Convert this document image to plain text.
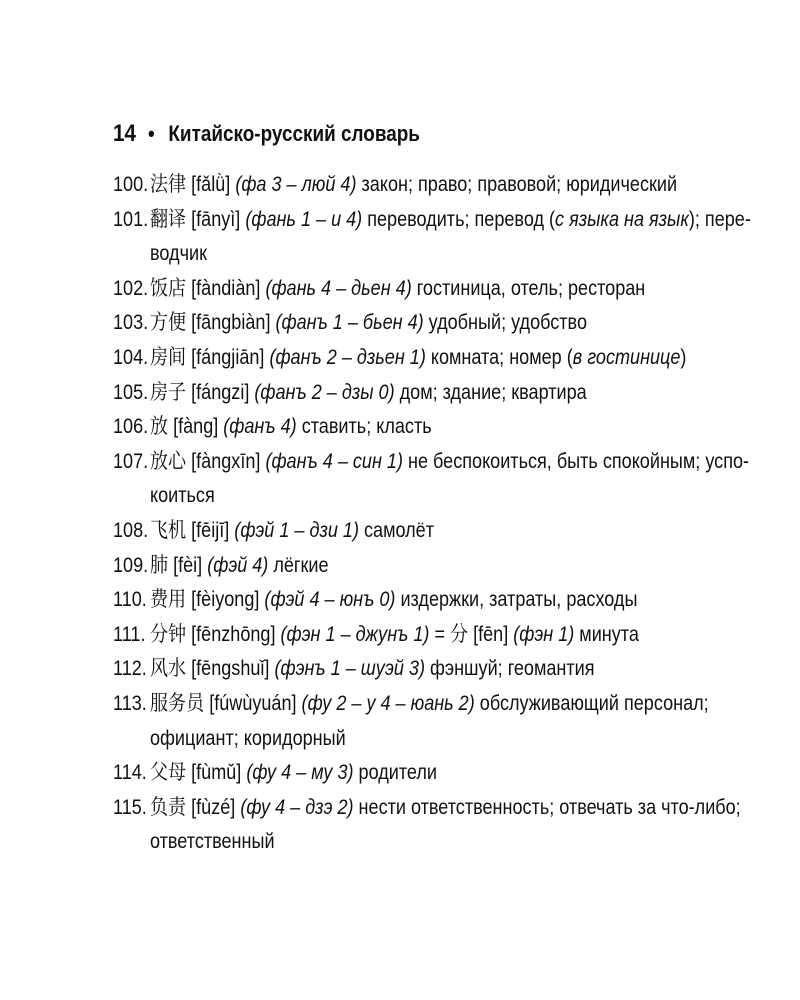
14 • Китайско-русский словарь
100. 法律 [fǎlǜ] (фа 3 – люй 4) закон; право; правовой; юридический
101. 翻译 [fānyì] (фань 1 – и 4) переводить; перевод (с языка на язык); пере-
водчик
102. 饭店 [fàndiàn] (фань 4 – дьен 4) гостиница, отель; ресторан
103. 方便 [fāngbiàn] (фанъ 1 – бьен 4) удобный; удобство
104. 房间 [fángjiān] (фанъ 2 – дзьен 1) комната; номер (в гостинице)
105. 房子 [fángzi] (фанъ 2 – дзы 0) дом; здание; квартира
106. 放 [fàng] (фанъ 4) ставить; класть
107. 放心 [fàngxīn] (фанъ 4 – син 1) не беспокоиться, быть спокойным; успо-
коиться
108. 飞机 [fēijī] (фэй 1 – дзи 1) самолёт
109. 肺 [fèi] (фэй 4) лёгкие
110. 费用 [fèiyong] (фэй 4 – юнъ 0) издержки, затраты, расходы
111. 分钟 [fēnzhōng] (фэн 1 – джунъ 1) = 分 [fēn] (фэн 1) минута
112. 风水 [fēngshuǐ] (фэнъ 1 – шуэй 3) фэншуй; геомантия
113. 服务员 [fúwùyuán] (фу 2 – у 4 – юань 2) обслуживающий персонал;
официант; коридорный
114. 父母 [fùmǔ] (фу 4 – му 3) родители
115. 负责 [fùzé] (фу 4 – дзэ 2) нести ответственность; отвечать за что-либо;
ответственный
